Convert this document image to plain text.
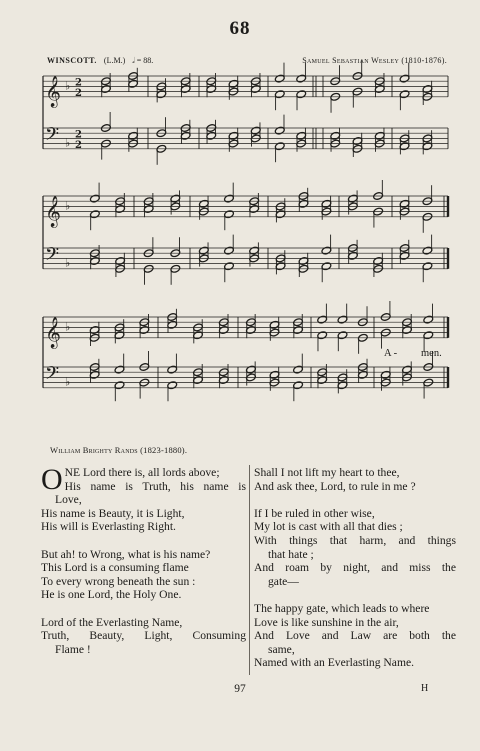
68
WINSCOTT. (L.M.) 𝅗𝅥 = 88.	Samuel Sebastian Wesley (1810-1876).
𝄞 ♭ 2
2
𝄢 ♭
2
2
𝄞 ♭
𝄢 ♭
𝄞 ♭
𝄢 ♭
A - men.
William Brighty Rands (1823-1880).
O NE Lord there is, all lords above;
His name is Truth, his name is
Love,
His name is Beauty, it is Light,
His will is Everlasting Right.
But ah! to Wrong, what is his name?
This Lord is a consuming flame
To every wrong beneath the sun :
He is one Lord, the Holy One.
Lord of the Everlasting Name,
Truth, Beauty, Light, Consuming
Flame !
Shall I not lift my heart to thee,
And ask thee, Lord, to rule in me ?
If I be ruled in other wise,
My lot is cast with all that dies ;
With things that harm, and things
that hate ;
And roam by night, and miss the
gate—
The happy gate, which leads to where
Love is like sunshine in the air,
And Love and Law are both the
same,
Named with an Everlasting Name.
97	H
